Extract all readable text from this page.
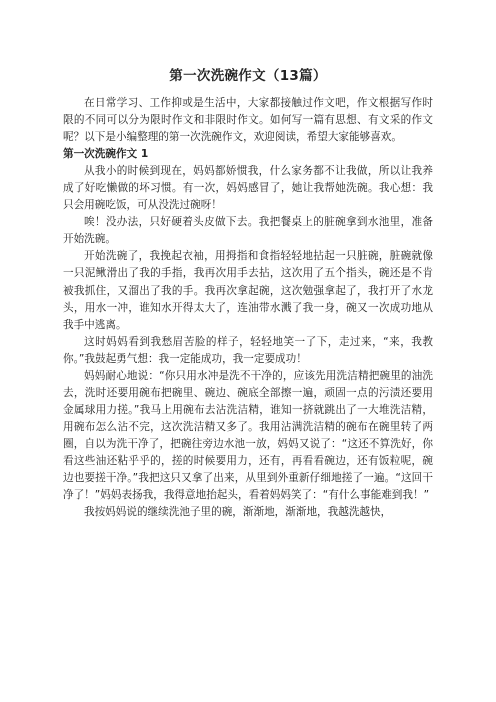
第一次洗碗作文（13篇）

在日常学习、工作抑或是生活中，大家都接触过作文吧，作文根据写作时限的不同可以分为限时作文和非限时作文。如何写一篇有思想、有文采的作文呢？以下是小编整理的第一次洗碗作文，欢迎阅读，希望大家能够喜欢。

第一次洗碗作文 1

从我小的时候到现在，妈妈都娇惯我，什么家务都不让我做，所以让我养成了好吃懒做的坏习惯。有一次，妈妈感冒了，她让我帮她洗碗。我心想：我只会用碗吃饭，可从没洗过碗呀！

唉！没办法，只好硬着头皮做下去。我把餐桌上的脏碗拿到水池里，准备开始洗碗。

开始洗碗了，我挽起衣袖，用拇指和食指轻轻地拈起一只脏碗，脏碗就像一只泥鳅滑出了我的手指，我再次用手去拈，这次用了五个指头，碗还是不肯被我抓住，又溜出了我的手。我再次拿起碗，这次勉强拿起了，我打开了水龙头，用水一冲，谁知水开得太大了，连油带水溅了我一身，碗又一次成功地从我手中逃离。

这时妈妈看到我愁眉苦脸的样子，轻轻地笑一了下，走过来，“来，我教你。”我鼓起勇气想：我一定能成功，我一定要成功！

妈妈耐心地说：“你只用水冲是洗不干净的，应该先用洗洁精把碗里的油洗去，洗时还要用碗布把碗里、碗边、碗底全部擦一遍，顽固一点的污渍还要用金属球用力搓。”我马上用碗布去沾洗洁精，谁知一挤就跳出了一大堆洗洁精，用碗布怎么沾不完，这次洗洁精又多了。我用沾满洗洁精的碗布在碗里转了两圈，自以为洗干净了，把碗往旁边水池一放，妈妈又说了：“这还不算洗好，你看这些油还粘乎乎的，搓的时候要用力，还有，再看看碗边，还有饭粒呢，碗边也要搓干净。”我把这只又拿了出来，从里到外重新仔细地搓了一遍。“这回干净了！”妈妈表扬我，我得意地抬起头，看着妈妈笑了：“有什么事能难到我！”

我按妈妈说的继续洗池子里的碗，渐渐地，渐渐地，我越洗越快，
